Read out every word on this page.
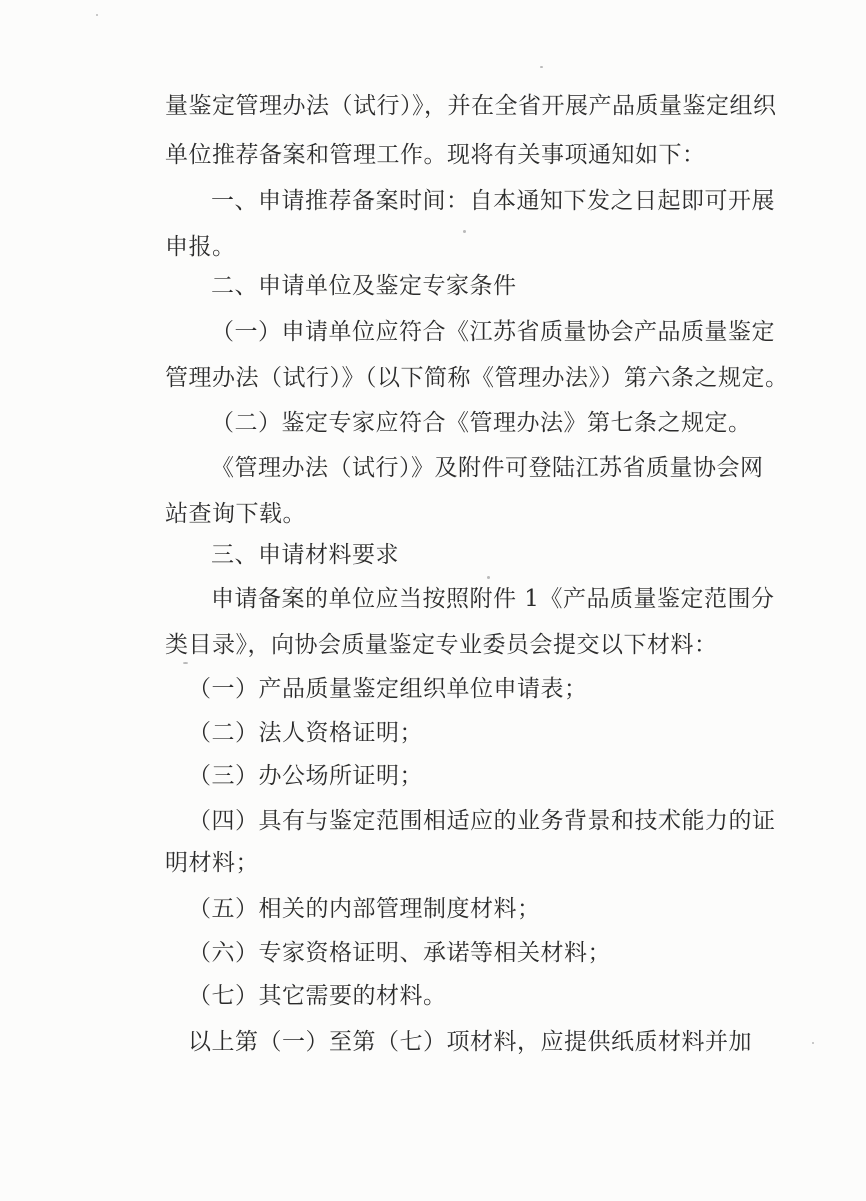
量鉴定管理办法（试行）》，并在全省开展产品质量鉴定组织
单位推荐备案和管理工作。现将有关事项通知如下：
一、申请推荐备案时间：自本通知下发之日起即可开展
申报。
二、申请单位及鉴定专家条件
（一）申请单位应符合《江苏省质量协会产品质量鉴定
管理办法（试行）》（以下简称《管理办法》）第六条之规定。
（二）鉴定专家应符合《管理办法》第七条之规定。
《管理办法（试行）》及附件可登陆江苏省质量协会网
站查询下载。
三、申请材料要求
申请备案的单位应当按照附件 1《产品质量鉴定范围分
类目录》，向协会质量鉴定专业委员会提交以下材料：
（一）产品质量鉴定组织单位申请表；
（二）法人资格证明；
（三）办公场所证明；
（四）具有与鉴定范围相适应的业务背景和技术能力的证
明材料；
（五）相关的内部管理制度材料；
（六）专家资格证明、承诺等相关材料；
（七）其它需要的材料。
以上第（一）至第（七）项材料，应提供纸质材料并加
